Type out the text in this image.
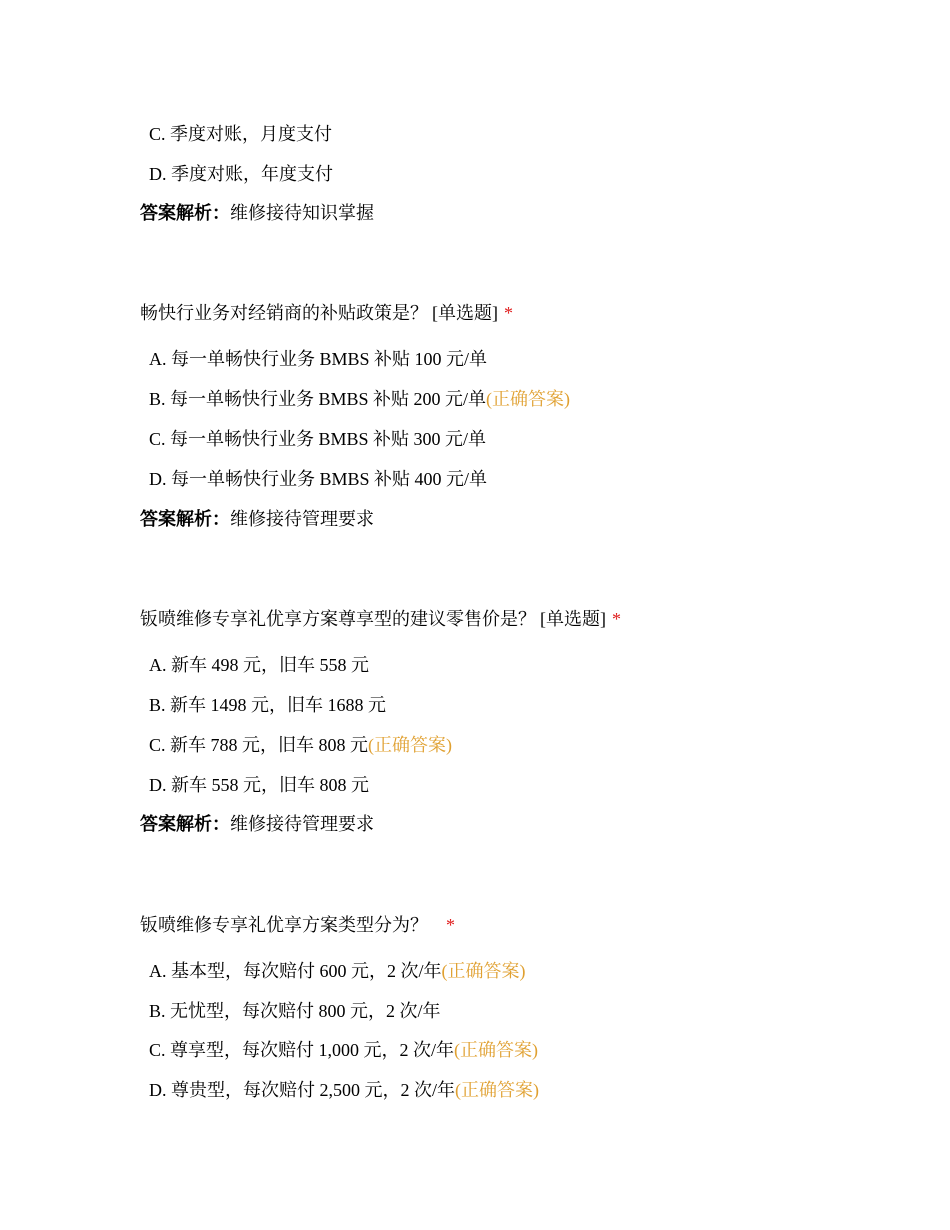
C. 季度对账，月度支付
D. 季度对账，年度支付
答案解析：维修接待知识掌握
畅快行业务对经销商的补贴政策是？ [单选题] *
A. 每一单畅快行业务 BMBS 补贴 100 元/单
B. 每一单畅快行业务 BMBS 补贴 200 元/单(正确答案)
C. 每一单畅快行业务 BMBS 补贴 300 元/单
D. 每一单畅快行业务 BMBS 补贴 400 元/单
答案解析：维修接待管理要求
钣喷维修专享礼优享方案尊享型的建议零售价是？ [单选题] *
A. 新车 498 元，旧车 558 元
B. 新车 1498 元，旧车 1688 元
C. 新车 788 元，旧车 808 元(正确答案)
D. 新车 558 元，旧车 808 元
答案解析：维修接待管理要求
钣喷维修专享礼优享方案类型分为？ *
A. 基本型，每次赔付 600 元，2 次/年(正确答案)
B. 无忧型，每次赔付 800 元，2 次/年
C. 尊享型，每次赔付 1,000 元，2 次/年(正确答案)
D. 尊贵型，每次赔付 2,500 元，2 次/年(正确答案)
